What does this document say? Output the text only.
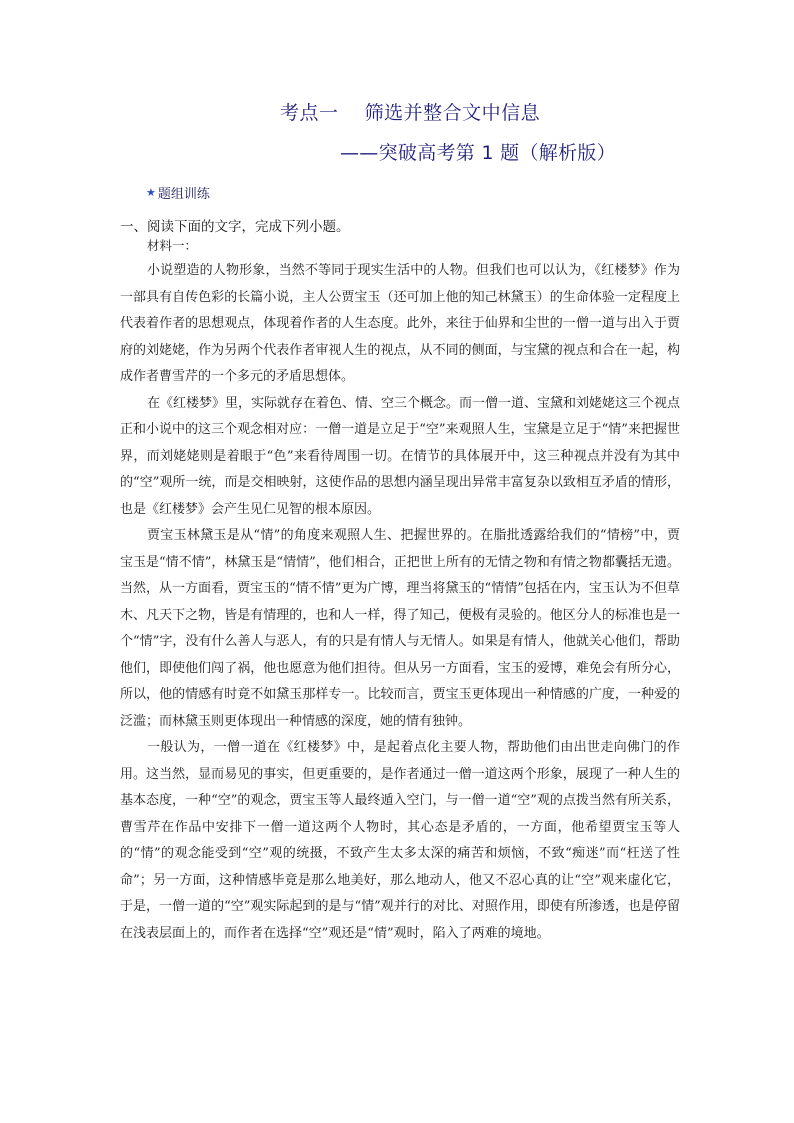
考点一    筛选并整合文中信息
——突破高考第 1 题（解析版）
★ 题组训练
一、阅读下面的文字，完成下列小题。
材料一：

小说塑造的人物形象，当然不等同于现实生活中的人物。但我们也可以认为，《红楼梦》作为一部具有自传色彩的长篇小说，主人公贾宝玉（还可加上他的知己林黛玉）的生命体验一定程度上代表着作者的思想观点，体现着作者的人生态度。此外，来往于仙界和尘世的一僧一道与出入于贾府的刘姥姥，作为另两个代表作者审视人生的视点，从不同的侧面，与宝黛的视点和合在一起，构成作者曹雪芹的一个多元的矛盾思想体。

在《红楼梦》里，实际就存在着色、情、空三个概念。而一僧一道、宝黛和刘姥姥这三个视点正和小说中的这三个观念相对应：一僧一道是立足于“空”来观照人生，宝黛是立足于“情”来把握世界，而刘姥姥则是着眼于“色”来看待周围一切。在情节的具体展开中，这三种视点并没有为其中的“空”观所一统，而是交相映射，这使作品的思想内涵呈现出异常丰富复杂以致相互矛盾的情形，也是《红楼梦》会产生见仁见智的根本原因。

贾宝玉林黛玉是从“情”的角度来观照人生、把握世界的。在脂批透露给我们的“情榜”中，贾宝玉是“情不情”，林黛玉是“情情”，他们相合，正把世上所有的无情之物和有情之物都囊括无遗。当然，从一方面看，贾宝玉的“情不情”更为广博，理当将黛玉的“情情”包括在内，宝玉认为不但草木、凡天下之物，皆是有情理的，也和人一样，得了知己，便极有灵验的。他区分人的标准也是一个“情”字，没有什么善人与恶人，有的只是有情人与无情人。如果是有情人，他就关心他们，帮助他们，即使他们闯了祸，他也愿意为他们担待。但从另一方面看，宝玉的爱博，难免会有所分心，所以，他的情感有时竟不如黛玉那样专一。比较而言，贾宝玉更体现出一种情感的广度，一种爱的泛滥；而林黛玉则更体现出一种情感的深度，她的情有独钟。

一般认为，一僧一道在《红楼梦》中，是起着点化主要人物，帮助他们由出世走向佛门的作用。这当然，显而易见的事实，但更重要的，是作者通过一僧一道这两个形象，展现了一种人生的基本态度，一种“空”的观念，贾宝玉等人最终遁入空门，与一僧一道“空”观的点拨当然有所关系，曹雪芹在作品中安排下一僧一道这两个人物时，其心态是矛盾的，一方面，他希望贾宝玉等人的“情”的观念能受到“空”观的统摄，不致产生太多太深的痛苦和烦恼，不致“痴迷”而“枉送了性命”；另一方面，这种情感毕竟是那么地美好，那么地动人，他又不忍心真的让“空”观来虚化它，于是，一僧一道的“空”观实际起到的是与“情”观并行的对比、对照作用，即使有所渗透，也是停留在浅表层面上的，而作者在选择“空”观还是“情”观时，陷入了两难的境地。
